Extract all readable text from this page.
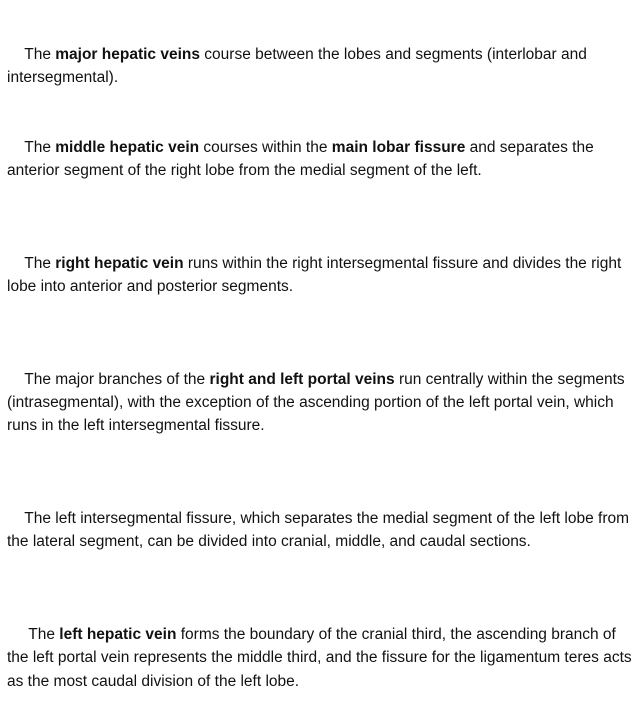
The major hepatic veins course between the lobes and segments (interlobar and intersegmental).

The middle hepatic vein courses within the main lobar fissure and separates the anterior segment of the right lobe from the medial segment of the left.

The right hepatic vein runs within the right intersegmental fissure and divides the right lobe into anterior and posterior segments.

The major branches of the right and left portal veins run centrally within the segments (intrasegmental), with the exception of the ascending portion of the left portal vein, which runs in the left intersegmental fissure.

The left intersegmental fissure, which separates the medial segment of the left lobe from the lateral segment, can be divided into cranial, middle, and caudal sections.

The left hepatic vein forms the boundary of the cranial third, the ascending branch of the left portal vein represents the middle third, and the fissure for the ligamentum teres acts as the most caudal division of the left lobe.
